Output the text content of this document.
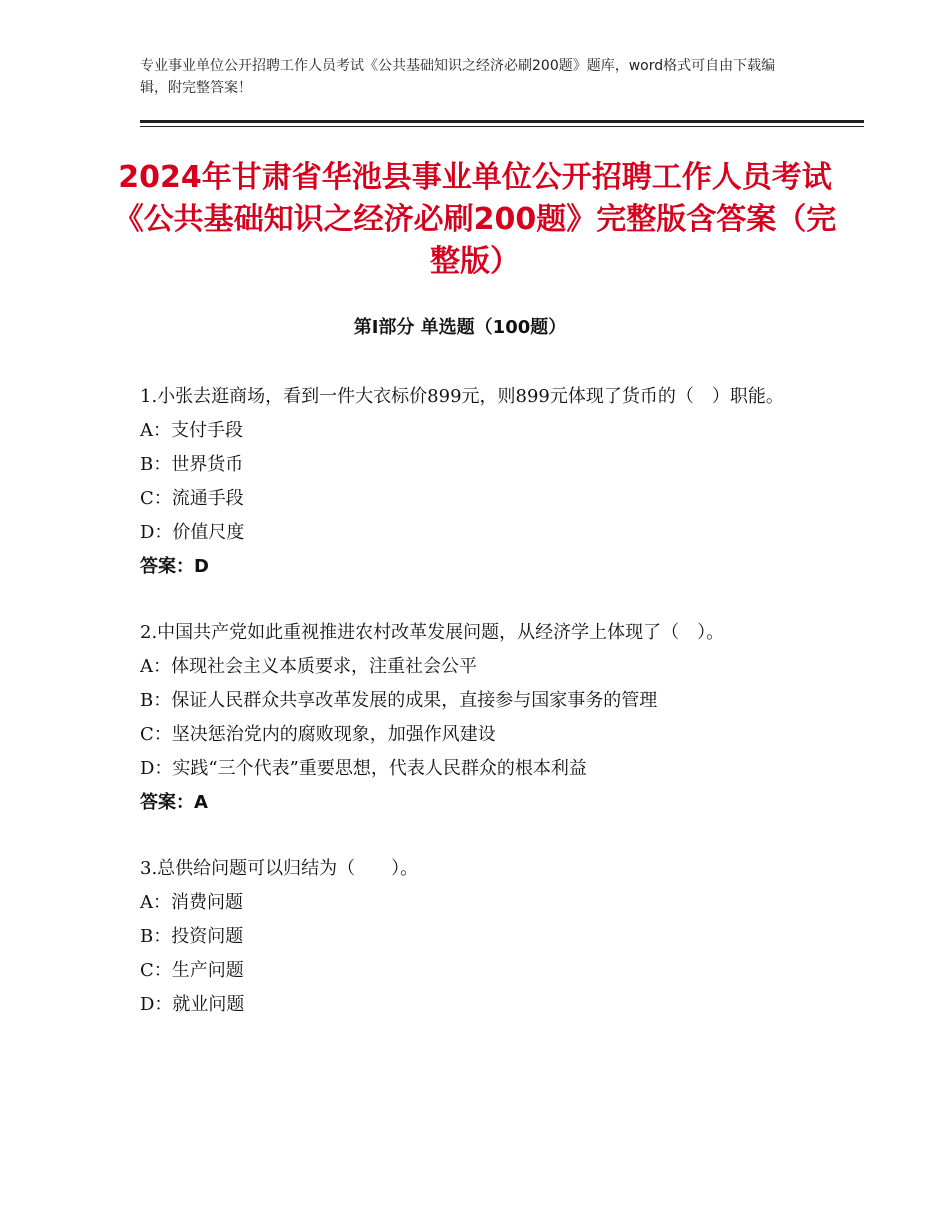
专业事业单位公开招聘工作人员考试《公共基础知识之经济必刷200题》题库，word格式可自由下载编辑，附完整答案！
2024年甘肃省华池县事业单位公开招聘工作人员考试《公共基础知识之经济必刷200题》完整版含答案（完整版）
第Ⅰ部分 单选题（100题）

1.小张去逛商场，看到一件大衣标价899元，则899元体现了货币的（　）职能。

A：支付手段

B：世界货币

C：流通手段

D：价值尺度

答案：D

2.中国共产党如此重视推进农村改革发展问题，从经济学上体现了（　）。

A：体现社会主义本质要求，注重社会公平

B：保证人民群众共享改革发展的成果，直接参与国家事务的管理

C：坚决惩治党内的腐败现象，加强作风建设

D：实践“三个代表”重要思想，代表人民群众的根本利益

答案：A

3.总供给问题可以归结为（　　）。

A：消费问题

B：投资问题

C：生产问题

D：就业问题
